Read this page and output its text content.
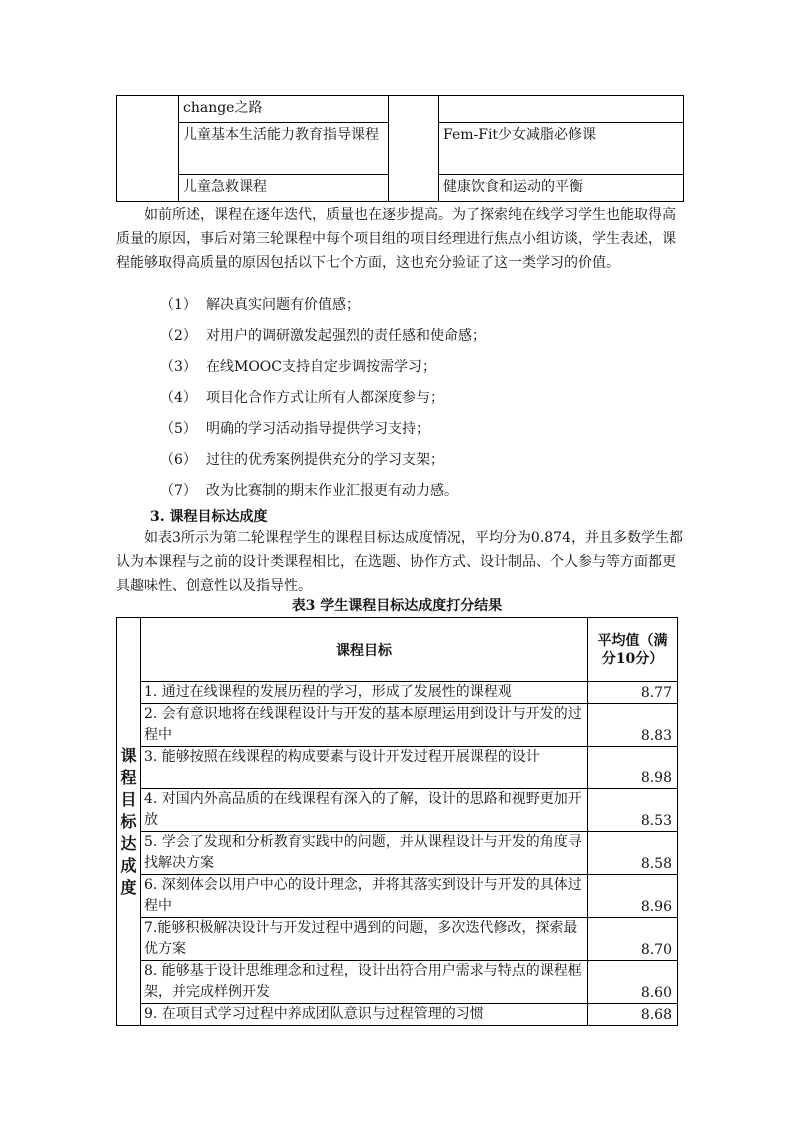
	change之路		
	儿童基本生活能力教育指导课程		Fem-Fit少女减脂必修课
	儿童急救课程		健康饮食和运动的平衡

如前所述，课程在逐年迭代，质量也在逐步提高。为了探索纯在线学习学生也能取得高质量的原因，事后对第三轮课程中每个项目组的项目经理进行焦点小组访谈，学生表述，课程能够取得高质量的原因包括以下七个方面，这也充分验证了这一类学习的价值。

（1） 解决真实问题有价值感；
（2） 对用户的调研激发起强烈的责任感和使命感；
（3） 在线MOOC支持自定步调按需学习；
（4） 项目化合作方式让所有人都深度参与；
（5） 明确的学习活动指导提供学习支持；
（6） 过往的优秀案例提供充分的学习支架；
（7） 改为比赛制的期末作业汇报更有动力感。

3. 课程目标达成度

如表3所示为第二轮课程学生的课程目标达成度情况，平均分为0.874，并且多数学生都认为本课程与之前的设计类课程相比，在选题、协作方式、设计制品、个人参与等方面都更具趣味性、创意性以及指导性。

表3 学生课程目标达成度打分结果

课程目标达成度	课程目标	平均值（满分10分）
	1. 通过在线课程的发展历程的学习，形成了发展性的课程观	8.77
	2. 会有意识地将在线课程设计与开发的基本原理运用到设计与开发的过程中	8.83
	3. 能够按照在线课程的构成要素与设计开发过程开展课程的设计	8.98
	4. 对国内外高品质的在线课程有深入的了解，设计的思路和视野更加开放	8.53
	5. 学会了发现和分析教育实践中的问题，并从课程设计与开发的角度寻找解决方案	8.58
	6. 深刻体会以用户中心的设计理念，并将其落实到设计与开发的具体过程中	8.96
	7.能够积极解决设计与开发过程中遇到的问题，多次迭代修改，探索最优方案	8.70
	8. 能够基于设计思维理念和过程，设计出符合用户需求与特点的课程框架，并完成样例开发	8.60
	9. 在项目式学习过程中养成团队意识与过程管理的习惯	8.68
